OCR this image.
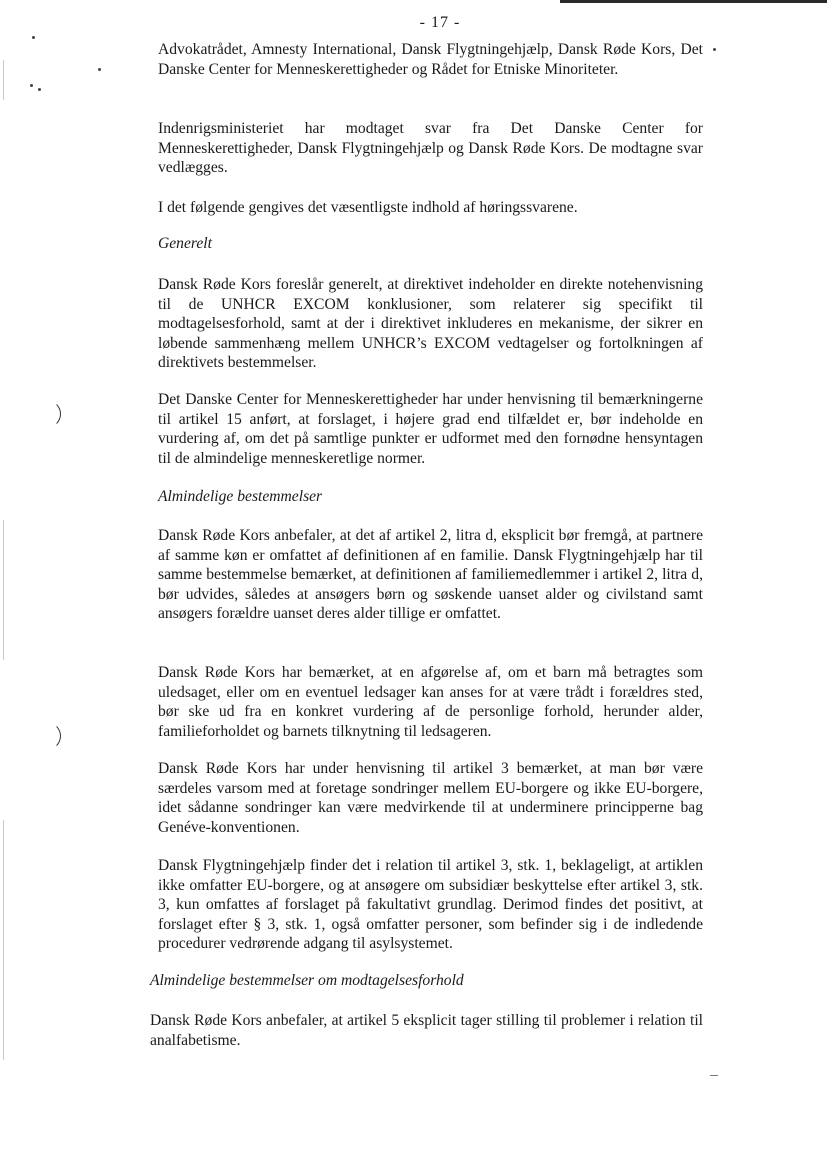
- 17 -
Advokatrådet, Amnesty International, Dansk Flygtningehjælp, Dansk Røde Kors, Det Danske Center for Menneskerettigheder og Rådet for Etniske Minoriteter.
Indenrigsministeriet har modtaget svar fra Det Danske Center for Menneskerettigheder, Dansk Flygtningehjælp og Dansk Røde Kors. De modtagne svar vedlægges.
I det følgende gengives det væsentligste indhold af høringssvarene.
Generelt
Dansk Røde Kors foreslår generelt, at direktivet indeholder en direkte notehenvisning til de UNHCR EXCOM konklusioner, som relaterer sig specifikt til modtagelsesforhold, samt at der i direktivet inkluderes en mekanisme, der sikrer en løbende sammenhæng mellem UNHCR’s EXCOM vedtagelser og fortolkningen af direktivets bestemmelser.
Det Danske Center for Menneskerettigheder har under henvisning til bemærkningerne til artikel 15 anført, at forslaget, i højere grad end tilfældet er, bør indeholde en vurdering af, om det på samtlige punkter er udformet med den fornødne hensyntagen til de almindelige menneskeretlige normer.
Almindelige bestemmelser
Dansk Røde Kors anbefaler, at det af artikel 2, litra d, eksplicit bør fremgå, at partnere af samme køn er omfattet af definitionen af en familie. Dansk Flygtningehjælp har til samme bestemmelse bemærket, at definitionen af familiemedlemmer i artikel 2, litra d, bør udvides, således at ansøgers børn og søskende uanset alder og civilstand samt ansøgers forældre uanset deres alder tillige er omfattet.
Dansk Røde Kors har bemærket, at en afgørelse af, om et barn må betragtes som uledsaget, eller om en eventuel ledsager kan anses for at være trådt i forældres sted, bør ske ud fra en konkret vurdering af de personlige forhold, herunder alder, familieforholdet og barnets tilknytning til ledsageren.
Dansk Røde Kors har under henvisning til artikel 3 bemærket, at man bør være særdeles varsom med at foretage sondringer mellem EU-borgere og ikke EU-borgere, idet sådanne sondringer kan være medvirkende til at underminere principperne bag Genéve-konventionen.
Dansk Flygtningehjælp finder det i relation til artikel 3, stk. 1, beklageligt, at artiklen ikke omfatter EU-borgere, og at ansøgere om subsidiær beskyttelse efter artikel 3, stk. 3, kun omfattes af forslaget på fakultativt grundlag. Derimod findes det positivt, at forslaget efter § 3, stk. 1, også omfatter personer, som befinder sig i de indledende procedurer vedrørende adgang til asylsystemet.
Almindelige bestemmelser om modtagelsesforhold
Dansk Røde Kors anbefaler, at artikel 5 eksplicit tager stilling til problemer i relation til analfabetisme.
